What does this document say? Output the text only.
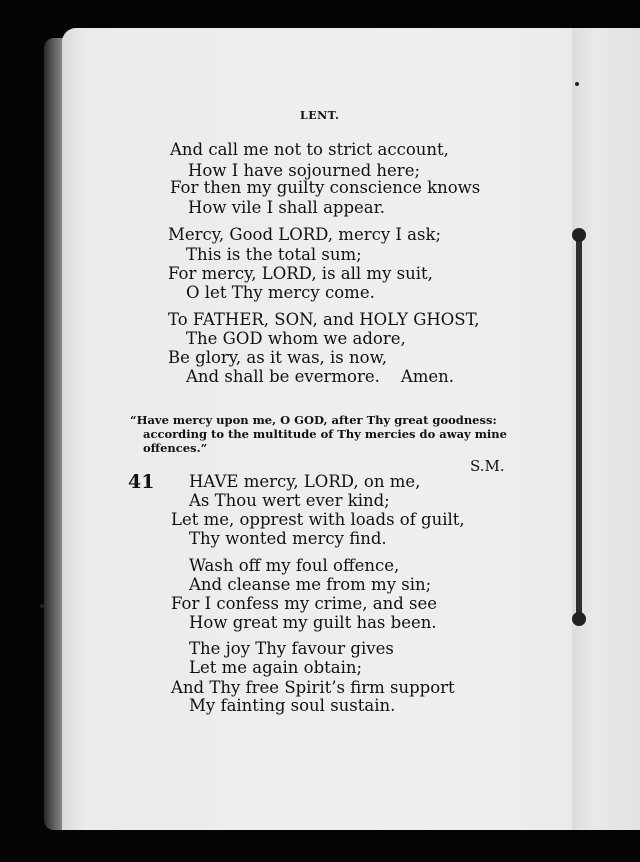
LENT.
And call me not to strict account,
How I have sojourned here;
For then my guilty conscience knows
How vile I shall appear.
Mercy, Good LORD, mercy I ask;
This is the total sum;
For mercy, LORD, is all my suit,
O let Thy mercy come.
To FATHER, SON, and HOLY GHOST,
The GOD whom we adore,
Be glory, as it was, is now,
And shall be evermore.    Amen.
“Have mercy upon me, O GOD, after Thy great goodness:
according to the multitude of Thy mercies do away mine
offences.”
S.M.
41 HAVE mercy, LORD, on me,
As Thou wert ever kind;
Let me, opprest with loads of guilt,
Thy wonted mercy find.
Wash off my foul offence,
And cleanse me from my sin;
For I confess my crime, and see
How great my guilt has been.
The joy Thy favour gives
Let me again obtain;
And Thy free Spirit’s firm support
My fainting soul sustain.
